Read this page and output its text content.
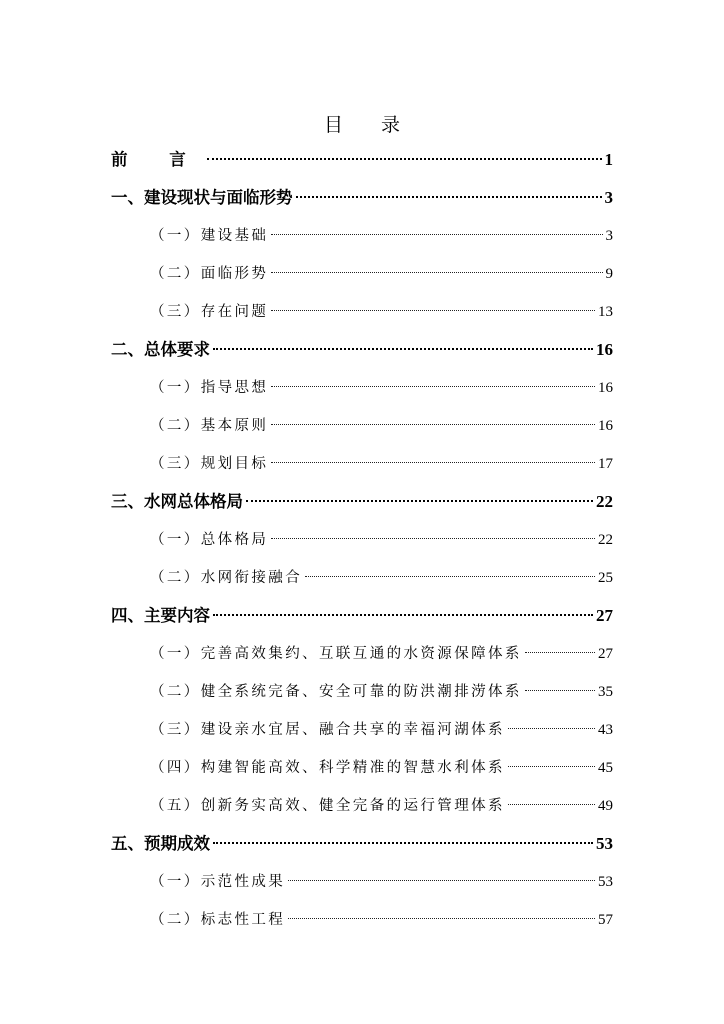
目 录
前 言	1
一、建设现状与面临形势	3
（一）建设基础	3
（二）面临形势	9
（三）存在问题	13
二、总体要求	16
（一）指导思想	16
（二）基本原则	16
（三）规划目标	17
三、水网总体格局	22
（一）总体格局	22
（二）水网衔接融合	25
四、主要内容	27
（一）完善高效集约、互联互通的水资源保障体系	27
（二）健全系统完备、安全可靠的防洪潮排涝体系	35
（三）建设亲水宜居、融合共享的幸福河湖体系	43
（四）构建智能高效、科学精准的智慧水利体系	45
（五）创新务实高效、健全完备的运行管理体系	49
五、预期成效	53
（一）示范性成果	53
（二）标志性工程	57
